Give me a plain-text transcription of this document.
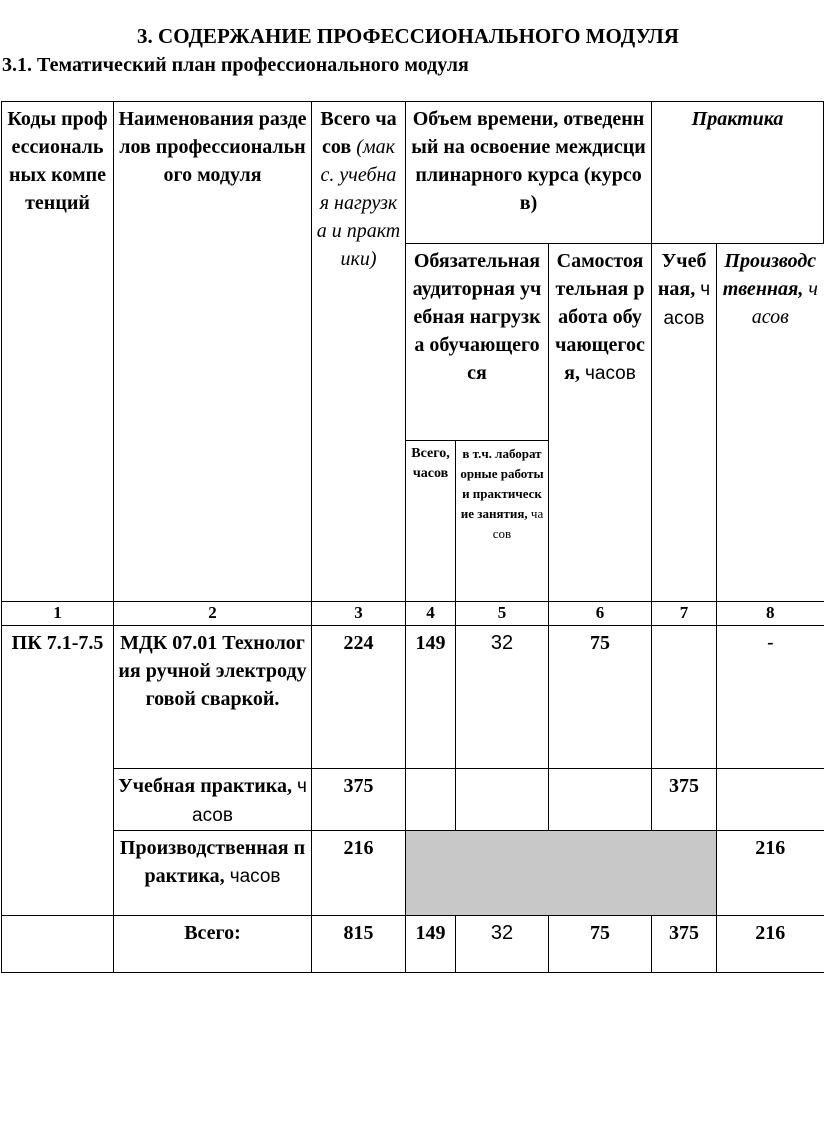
3. СОДЕРЖАНИЕ ПРОФЕССИОНАЛЬНОГО МОДУЛЯ
3.1. Тематический план профессионального модуля
Коды профессиональных компетенций	Наименования разделов профессионального модуля	Всего часов (макс. учебная нагрузка и практики)	Объем времени, отведенный на освоение междисциплинарного курса (курсов)			Практика	
			Обязательная аудиторная учебная нагрузка обучающегося		Самостоятельная работа обучающегося, часов	Учебная, часов	Производственная, часов
			Всего, часов	в т.ч. лабораторные работы и практические занятия, часов			
1	2	3	4	5	6	7	8
ПК 7.1-7.5	МДК 07.01 Технология ручной электродуговой сваркой.	224	149	32	75		-
	Учебная практика, часов	375				375	
	Производственная практика, часов	216					216
	Всего:	815	149	32	75	375	216
